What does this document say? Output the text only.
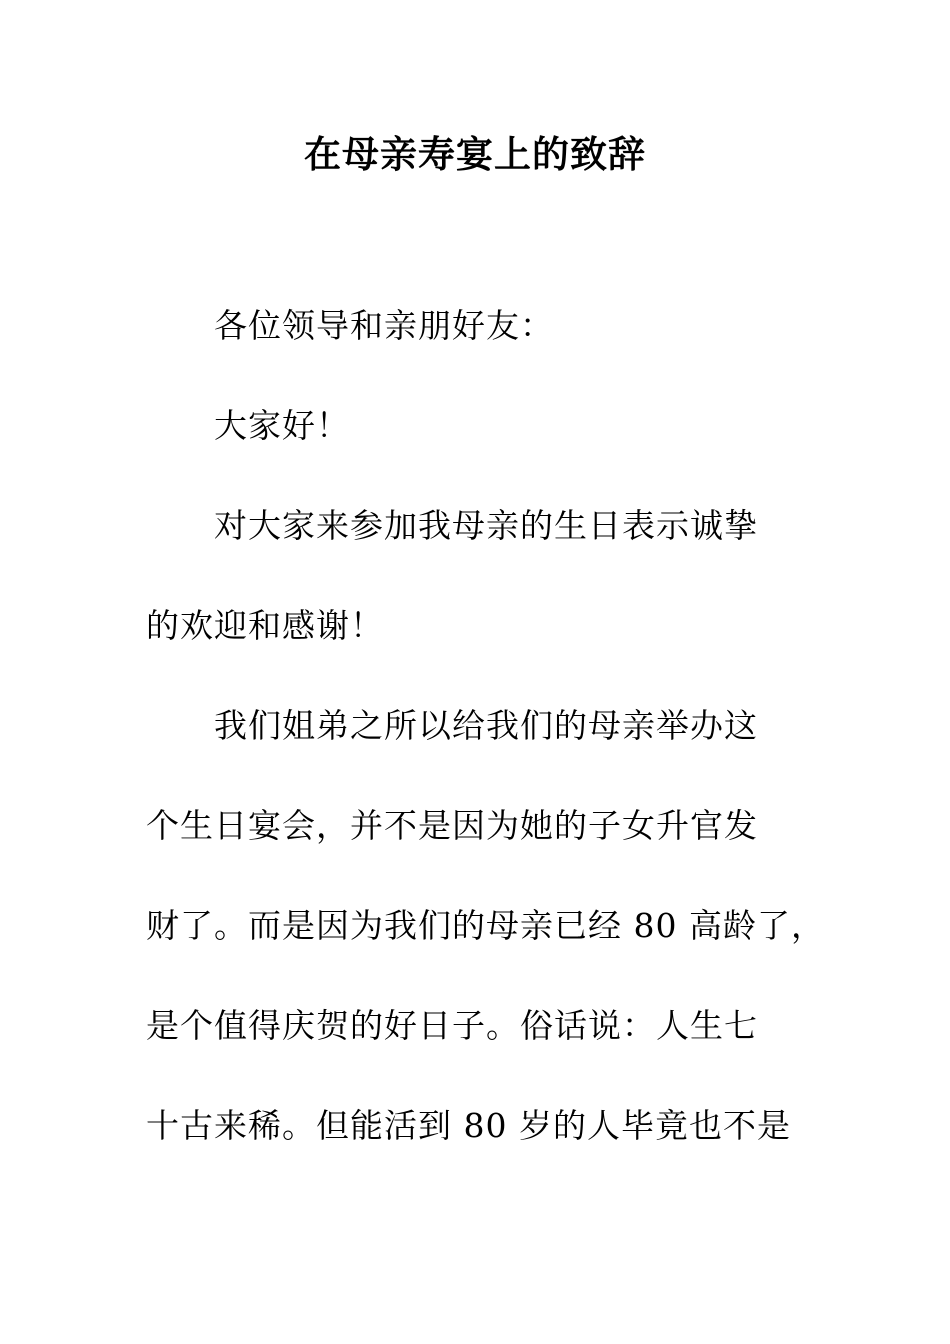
在母亲寿宴上的致辞
各位领导和亲朋好友：
大家好！
对大家来参加我母亲的生日表示诚挚
的欢迎和感谢！
我们姐弟之所以给我们的母亲举办这
个生日宴会，并不是因为她的子女升官发
财了。而是因为我们的母亲已经 80 高龄了，
是个值得庆贺的好日子。俗话说：人生七
十古来稀。但能活到 80 岁的人毕竟也不是
